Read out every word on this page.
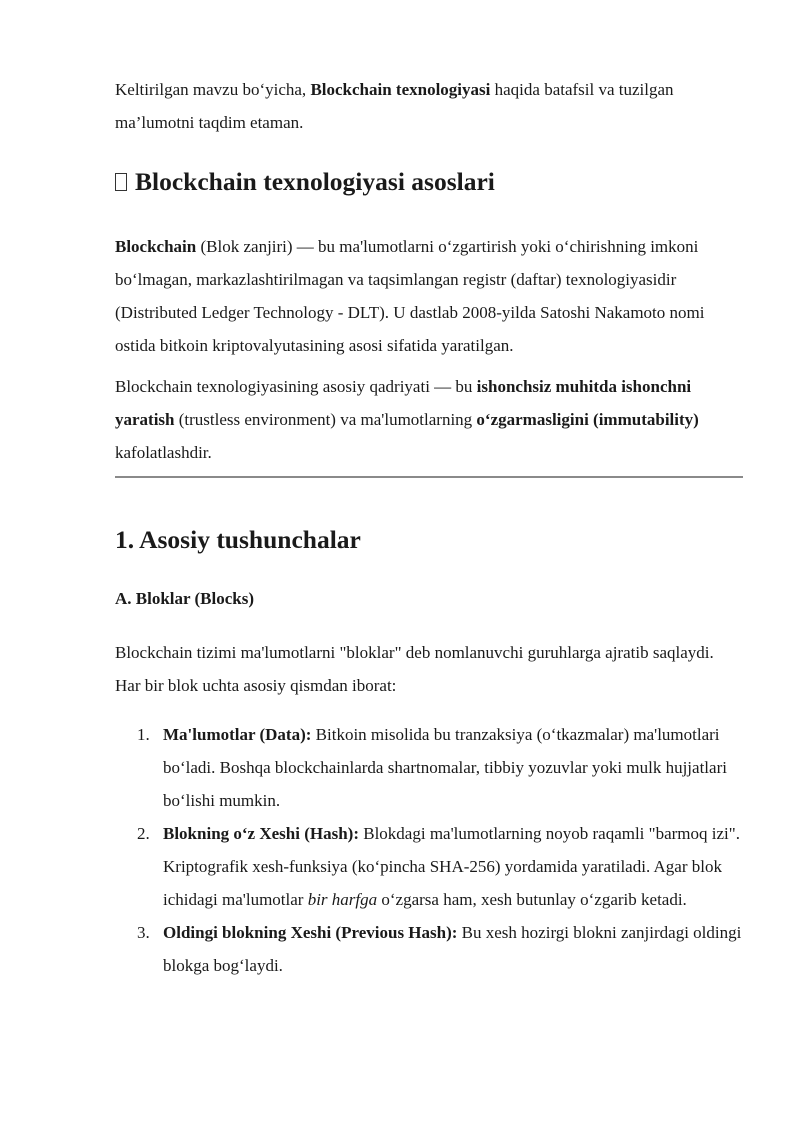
Keltirilgan mavzu bo‘yicha, Blockchain texnologiyasi haqida batafsil va tuzilgan ma’lumotni taqdim etaman.

Blockchain texnologiyasi asoslari

Blockchain (Blok zanjiri) — bu ma'lumotlarni o‘zgartirish yoki o‘chirishning imkoni bo‘lmagan, markazlashtirilmagan va taqsimlangan registr (daftar) texnologiyasidir (Distributed Ledger Technology - DLT). U dastlab 2008-yilda Satoshi Nakamoto nomi ostida bitkoin kriptovalyutasining asosi sifatida yaratilgan.

Blockchain texnologiyasining asosiy qadriyati — bu ishonchsiz muhitda ishonchni yaratish (trustless environment) va ma'lumotlarning o‘zgarmasligini (immutability) kafolatlashdir.

1. Asosiy tushunchalar
A. Bloklar (Blocks)

Blockchain tizimi ma'lumotlarni "bloklar" deb nomlanuvchi guruhlarga ajratib saqlaydi. Har bir blok uchta asosiy qismdan iborat:

1. Ma'lumotlar (Data): Bitkoin misolida bu tranzaksiya (o‘tkazmalar) ma'lumotlari bo‘ladi. Boshqa blockchainlarda shartnomalar, tibbiy yozuvlar yoki mulk hujjatlari bo‘lishi mumkin.
2. Blokning o‘z Xeshi (Hash): Blokdagi ma'lumotlarning noyob raqamli "barmoq izi". Kriptografik xesh-funksiya (ko‘pincha SHA-256) yordamida yaratiladi. Agar blok ichidagi ma'lumotlar bir harfga o‘zgarsa ham, xesh butunlay o‘zgarib ketadi.
3. Oldingi blokning Xeshi (Previous Hash): Bu xesh hozirgi blokni zanjirdagi oldingi blokga bog‘laydi.
